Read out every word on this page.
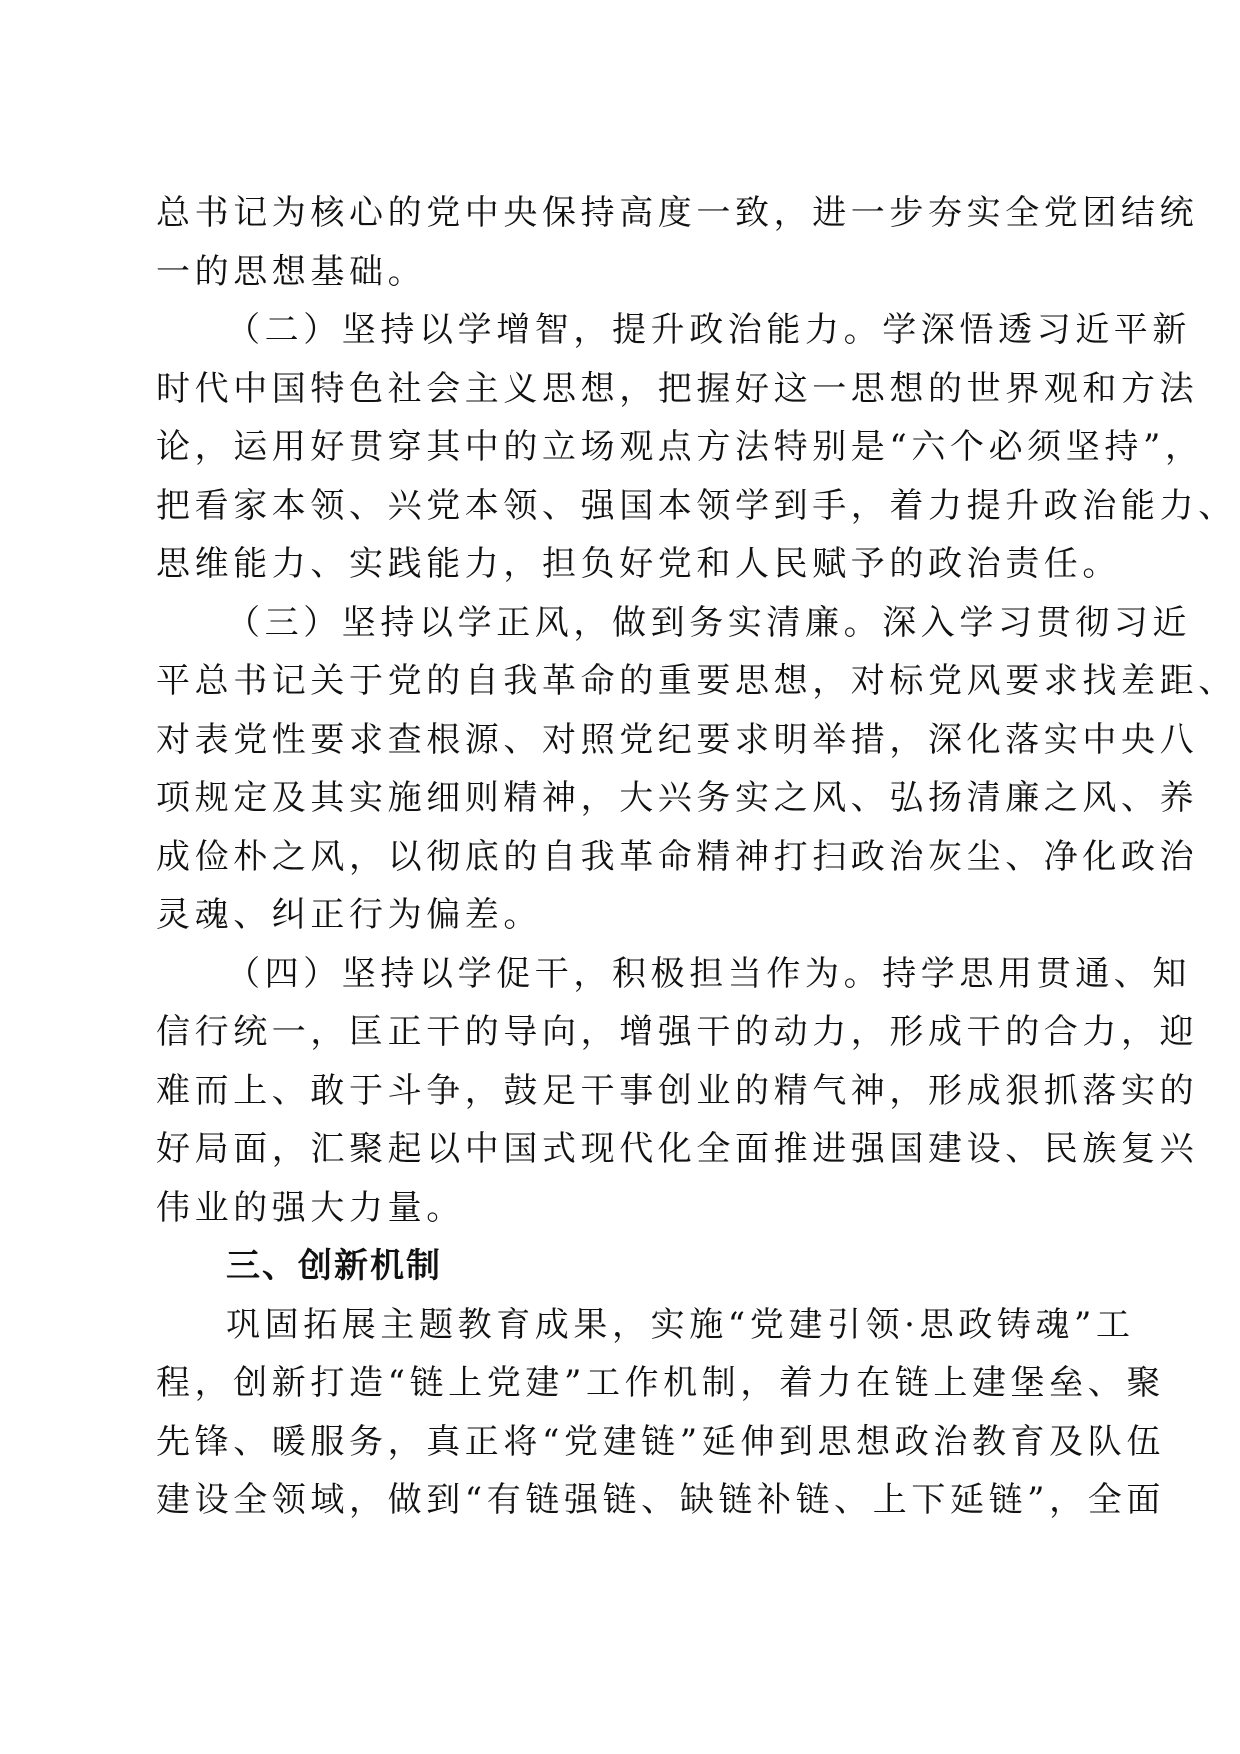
总书记为核心的党中央保持高度一致，进一步夯实全党团结统
一的思想基础。
（二）坚持以学增智，提升政治能力。学深悟透习近平新
时代中国特色社会主义思想，把握好这一思想的世界观和方法
论，运用好贯穿其中的立场观点方法特别是“六个必须坚持”，
把看家本领、兴党本领、强国本领学到手，着力提升政治能力、
思维能力、实践能力，担负好党和人民赋予的政治责任。
（三）坚持以学正风，做到务实清廉。深入学习贯彻习近
平总书记关于党的自我革命的重要思想，对标党风要求找差距、
对表党性要求查根源、对照党纪要求明举措，深化落实中央八
项规定及其实施细则精神，大兴务实之风、弘扬清廉之风、养
成俭朴之风，以彻底的自我革命精神打扫政治灰尘、净化政治
灵魂、纠正行为偏差。
（四）坚持以学促干，积极担当作为。持学思用贯通、知
信行统一，匡正干的导向，增强干的动力，形成干的合力，迎
难而上、敢于斗争，鼓足干事创业的精气神，形成狠抓落实的
好局面，汇聚起以中国式现代化全面推进强国建设、民族复兴
伟业的强大力量。
三、创新机制
巩固拓展主题教育成果，实施“党建引领·思政铸魂”工
程，创新打造“链上党建”工作机制，着力在链上建堡垒、聚
先锋、暖服务，真正将“党建链”延伸到思想政治教育及队伍
建设全领域，做到“有链强链、缺链补链、上下延链”，全面
